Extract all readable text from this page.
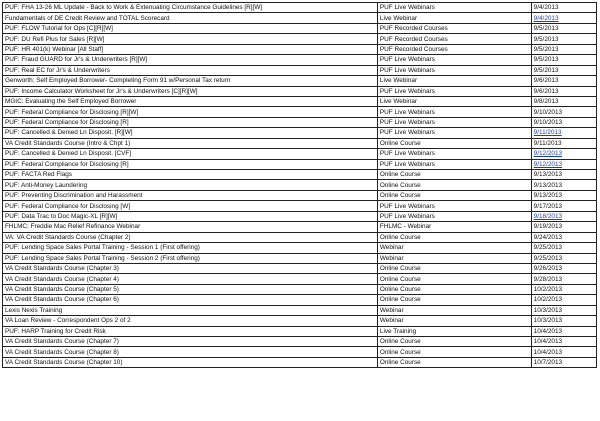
PUF: FHA 13-26 ML Update - Back to Work & Extenuating Circumstance Guidelines [R][W]	PUF Live Webinars	9/4/2013
Fundamentals of DE Credit Review and TOTAL Scorecard	Live Webinar	9/4/2013
PUF: FLOW Tutorial for Ops [C][R][W]	PUF Recorded Courses	9/5/2013
PUF: DU Refi Plus for Sales [R][W]	PUF Recorded Courses	9/5/2013
PUF: HR 401(k) Webinar [All Staff]	PUF Recorded Courses	9/5/2013
PUF: Fraud GUARD for Jr's & Underwriters [R][W]	PUF Live Webinars	9/5/2013
PUF: Real EC for Jr's & Underwriters	PUF Live Webinars	9/5/2013
Genworth: Self Employed Borrower- Completing Form 91 w/Personal Tax return	Live Webinar	9/6/2013
PUF: Income Calculator Worksheet for Jr's & Underwriters [C][R][W]	PUF Live Webinars	9/6/2013
MGIC: Evaluating the Self Employed Borrower	Live Webinar	9/8/2013
PUF: Federal Compliance for Disclosing [R][W]	PUF Live Webinars	9/10/2013
PUF: Federal Compliance for Disclosing [R]	PUF Live Webinars	9/10/2013
PUF: Cancelled & Denied Ln Disposit. [R][W]	PUF Live Webinars	9/11/2013
VA Credit Standards Course (Intro & Chpt 1)	Online Course	9/11/2013
PUF: Cancelled & Denied Ln Disposit. [CVF]	PUF Live Webinars	9/12/2013
PUF: Federal Compliance for Disclosing [R]	PUF Live Webinars	9/12/2013
PUF: FACTA Red Flags	Online Course	9/13/2013
PUF: Anti-Money Laundering	Online Course	9/13/2013
PUF: Preventing Discrimination and Harassment	Online Course	9/13/2013
PUF: Federal Compliance for Disclosing [W]	PUF Live Webinars	9/17/2013
PUF: Data Trac to Doc Magic-XL [R][W]	PUF Live Webinars	9/18/2013
FHLMC: Freddie Mac Relief Refinance Webinar	FHLMC - Webinar	9/19/2013
VA: VA Credit Standards Course (Chapter 2)	Online Course	9/24/2013
PUF: Lending Space Sales Portal Training - Session 1 (First offering)	Webinar	9/25/2013
PUF: Lending Space Sales Portal Training - Session 2 (First offering)	Webinar	9/25/2013
VA Credit Standards Course (Chapter 3)	Online Course	9/26/2013
VA Credit Standards Course (Chapter 4)	Online Course	9/28/2013
VA Credit Standards Course (Chapter 5)	Online Course	10/2/2013
VA Credit Standards Course (Chapter 6)	Online Course	10/2/2013
Lexis Nexis Training	Webinar	10/3/2013
VA Loan Review - Correspondent Ops 2 of 2	Webinar	10/3/2013
PUF: HARP Training for Credit Risk	Live Training	10/4/2013
VA Credit Standards Course (Chapter 7)	Online Course	10/4/2013
VA Credit Standards Course (Chapter 8)	Online Course	10/4/2013
VA Credit Standards Course (Chapter 10)	Online Course	10/7/2013
